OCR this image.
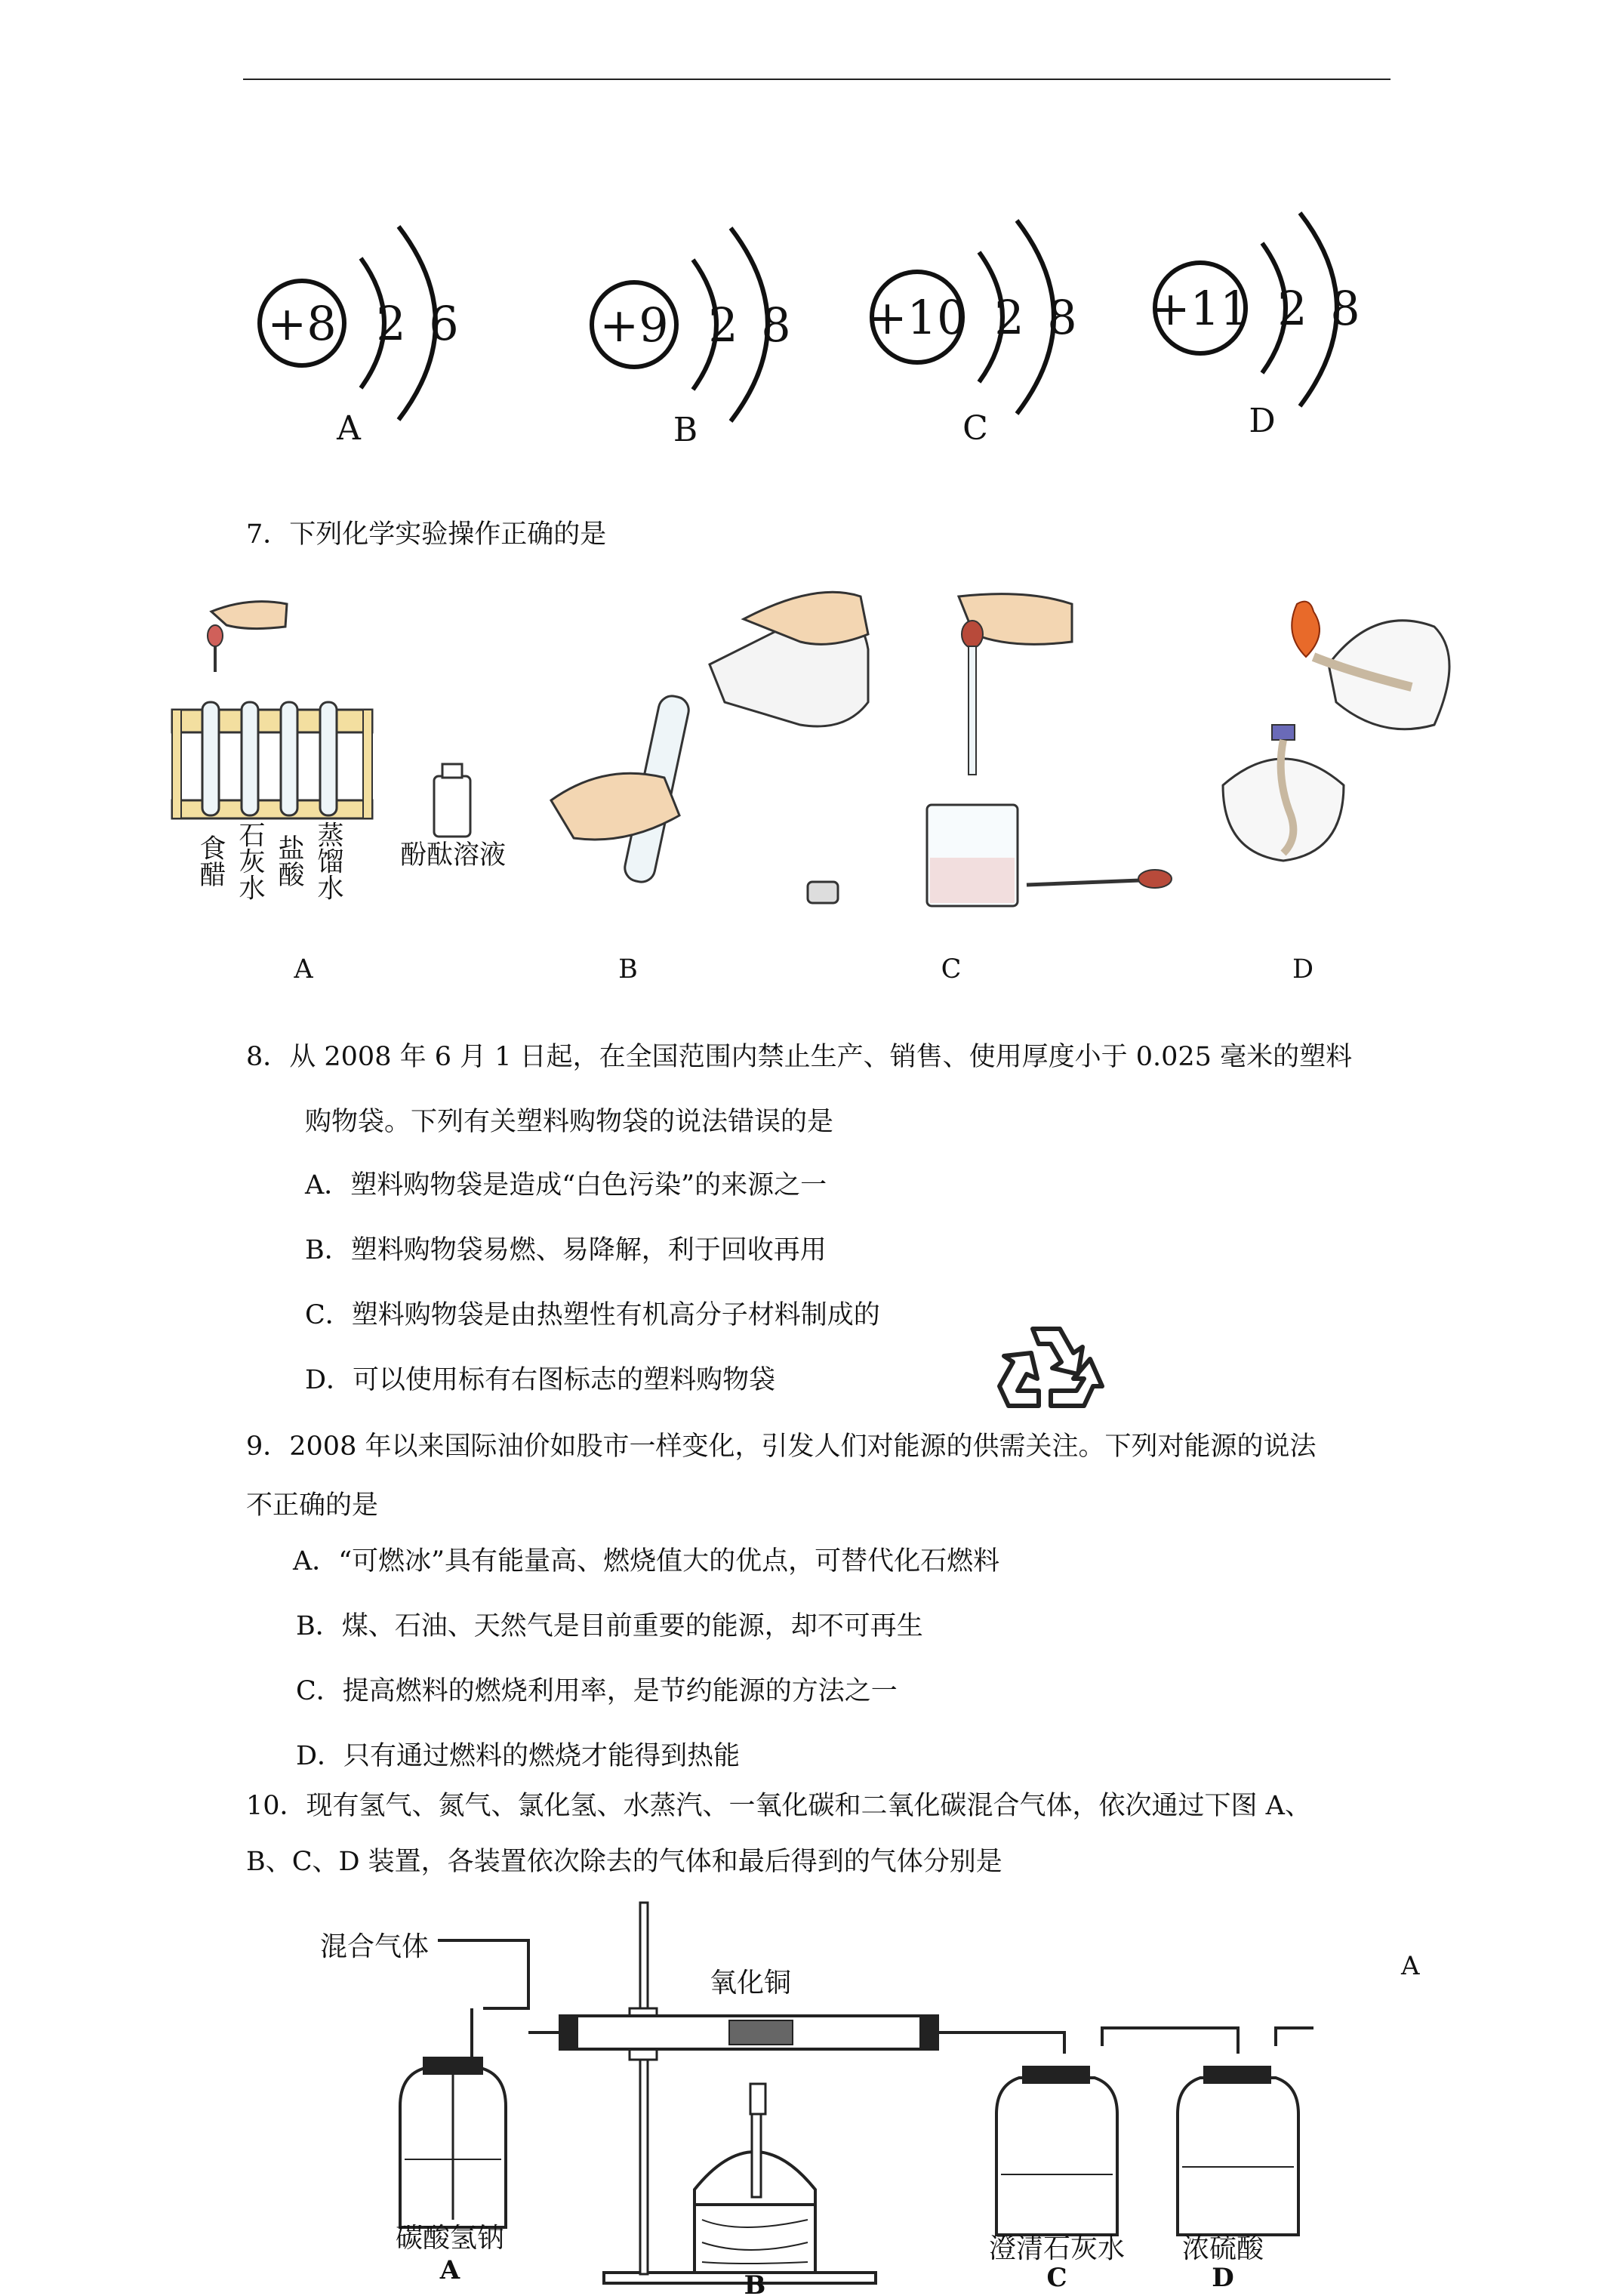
+8 2 6	+9 2 8 +10 2 8 +11 2 8
A	B	C	D
7．下列化学实验操作正确的是
食醋 石灰水 盐酸 蒸馏水 酚酞溶液
A	B	C	D
8．从 2008 年 6 月 1 日起，在全国范围内禁止生产、销售、使用厚度小于 0.025 毫米的塑料
购物袋。下列有关塑料购物袋的说法错误的是
A．塑料购物袋是造成“白色污染”的来源之一
B．塑料购物袋易燃、易降解，利于回收再用
C．塑料购物袋是由热塑性有机高分子材料制成的
D．可以使用标有右图标志的塑料购物袋
9．2008 年以来国际油价如股市一样变化，引发人们对能源的供需关注。下列对能源的说法
不正确的是
A．“可燃冰”具有能量高、燃烧值大的优点，可替代化石燃料
B．煤、石油、天然气是目前重要的能源，却不可再生
C．提高燃料的燃烧利用率，是节约能源的方法之一
D．只有通过燃料的燃烧才能得到热能
10．现有氢气、氮气、氯化氢、水蒸汽、一氧化碳和二氧化碳混合气体，依次通过下图 A、
B、C、D 装置，各装置依次除去的气体和最后得到的气体分别是
A
混合气体
氧化铜
碳酸氢钠	澄清石灰水 浓硫酸
A	B	C	D
